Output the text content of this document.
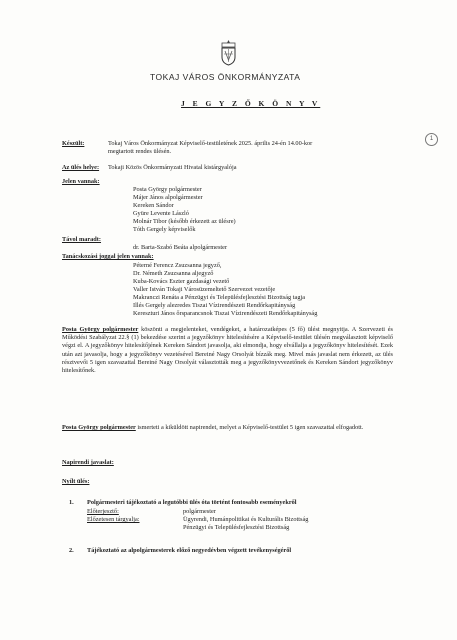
TOKAJ VÁROS ÖNKORMÁNYZATA
J E G Y Z Ő K Ö N Y V
1
Készült:	Tokaj Város Önkormányzat Képviselő-testületének 2025. április 24-én 14.00-kor
megtartott rendes ülésén.
Az ülés helye: Tokaji Közös Önkormányzati Hivatal kistárgyalója
Jelen vannak:
Posta György polgármester
Májer János alpolgármester
Kereken Sándor
Gyüre Levente László
Molnár Tibor (később érkezett az ülésre)
Tóth Gergely képviselők
Távol maradt:
dr. Barta-Szabó Beáta alpolgármester
Tanácskozási joggal jelen vannak:
Péterné Ferencz Zsuzsanna jegyző,
Dr. Németh Zsuzsanna aljegyző
Kuba-Kovács Eszter gazdasági vezető
Valler István Tokaji Városüzemeltető Szervezet vezetője
Makranczi Renáta a Pénzügyi és Településfejlesztési Bizottság tagja
Illés Gergely alezredes Tiszai Vízirendészeti Rendőrkapitányság
Kereszturi János őrsparancsnok Tiszai Vízirendészeti Rendőrkapitányság
Posta György polgármester köszönti a megjelenteket, vendégeket, a határozatképes (5 fő) ülést megnyitja. A Szervezeti és Működési Szabályzat 22.§ (1) bekezdése szerint a jegyzőkönyv hitelesítésére a Képviselő-testület ülésén megválasztott képviselő végzi el. A jegyzőkönyv hitelesítőjének Kereken Sándort javasolja, aki elmondja, hogy elvállalja a jegyzőkönyv hitelesítését. Ezek után azt javasolja, hogy a jegyzőkönyv vezetésével Bereiné Nagy Orsolyát bízzák meg. Mivel más javaslat nem érkezett, az ülés résztvevői 5 igen szavazattal Bereiné Nagy Orsolyát választották meg a jegyzőkönyvvezetőnek és Kereken Sándort jegyzőkönyv hitelesítőnek.
Posta György polgármester ismerteti a kiküldött napirendet, melyet a Képviselő-testület 5 igen szavazattal elfogadott.
Napirendi javaslat:
Nyílt ülés:
1. Polgármesteri tájékoztató a legutóbbi ülés óta történt fontosabb eseményekről
Előterjesztő:	polgármester
Előzetesen tárgyalja:	Ügyrendi, Humánpolitikai és Kulturális Bizottság
Pénzügyi és Településfejlesztési Bizottság
2. Tájékoztató az alpolgármesterek előző negyedévben végzett tevékenységéről
